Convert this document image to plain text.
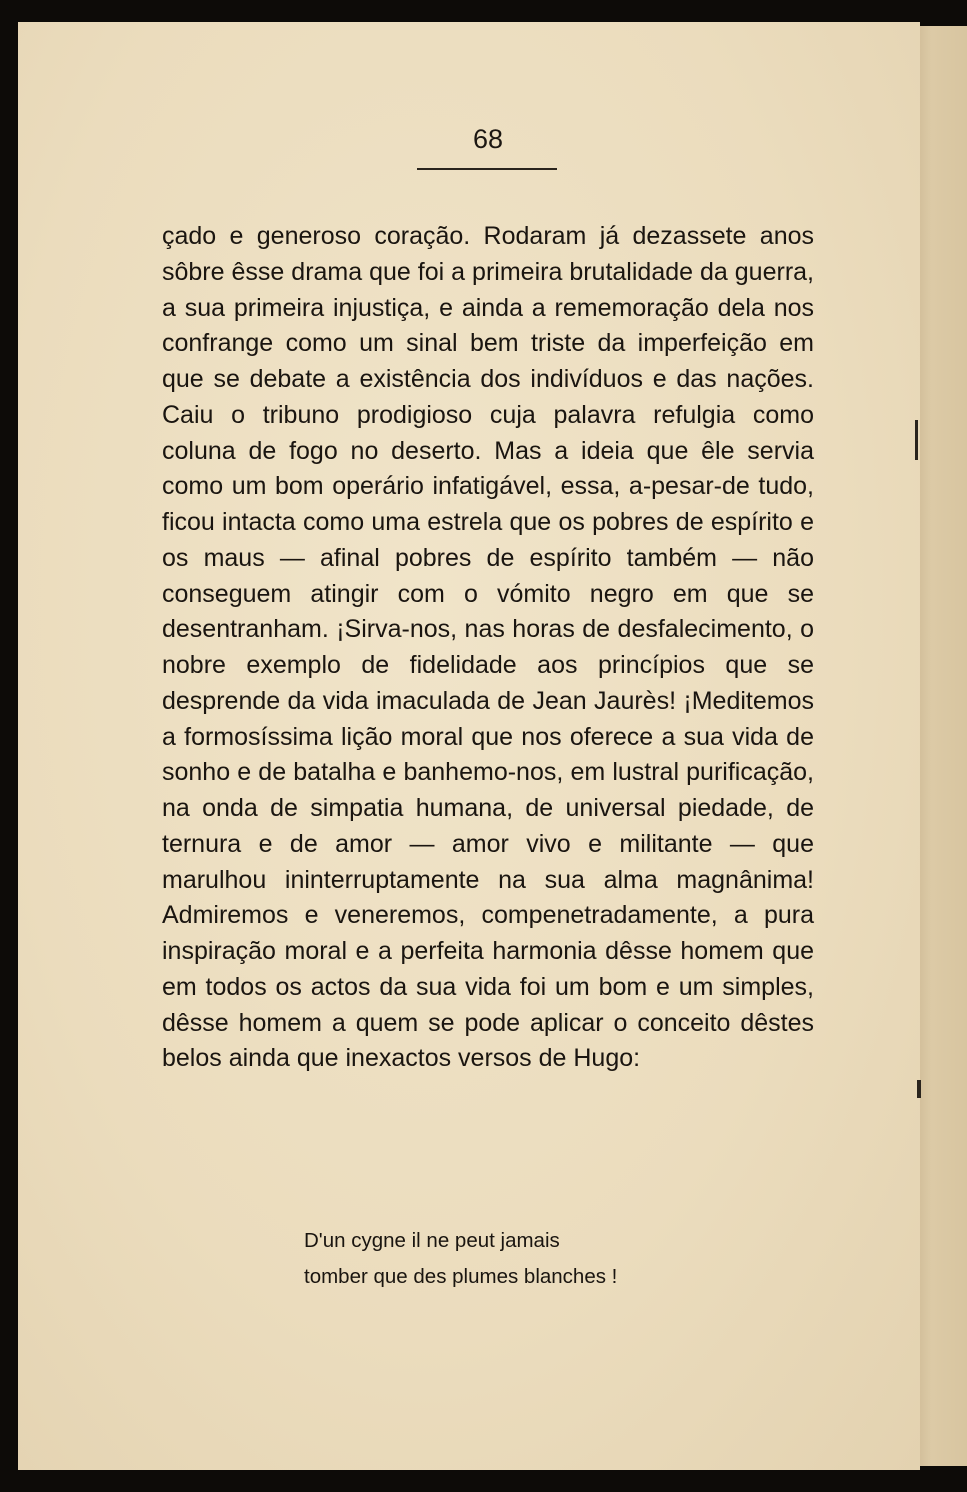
68

çado e generoso coração. Rodaram já dezassete anos sôbre êsse drama que foi a primeira brutalidade da guerra, a sua primeira injustiça, e ainda a rememoração dela nos confrange como um sinal bem triste da imperfeição em que se debate a existência dos indivíduos e das nações. Caiu o tribuno prodigioso cuja palavra refulgia como coluna de fogo no deserto. Mas a ideia que êle servia como um bom operário infatigável, essa, a-pesar-de tudo, ficou intacta como uma estrela que os pobres de espírito e os maus — afinal pobres de espírito também — não conseguem atingir com o vómito negro em que se desentranham. ¡Sirva-nos, nas horas de desfalecimento, o nobre exemplo de fidelidade aos princípios que se desprende da vida imaculada de Jean Jaurès! ¡Meditemos a formosíssima lição moral que nos oferece a sua vida de sonho e de batalha e banhemo-nos, em lustral purificação, na onda de simpatia humana, de universal piedade, de ternura e de amor — amor vivo e militante — que marulhou ininterruptamente na sua alma magnânima! Admiremos e veneremos, compenetradamente, a pura inspiração moral e a perfeita harmonia dêsse homem que em todos os actos da sua vida foi um bom e um simples, dêsse homem a quem se pode aplicar o conceito dêstes belos ainda que inexactos versos de Hugo:

D'un cygne il ne peut jamais
tomber que des plumes blanches !
